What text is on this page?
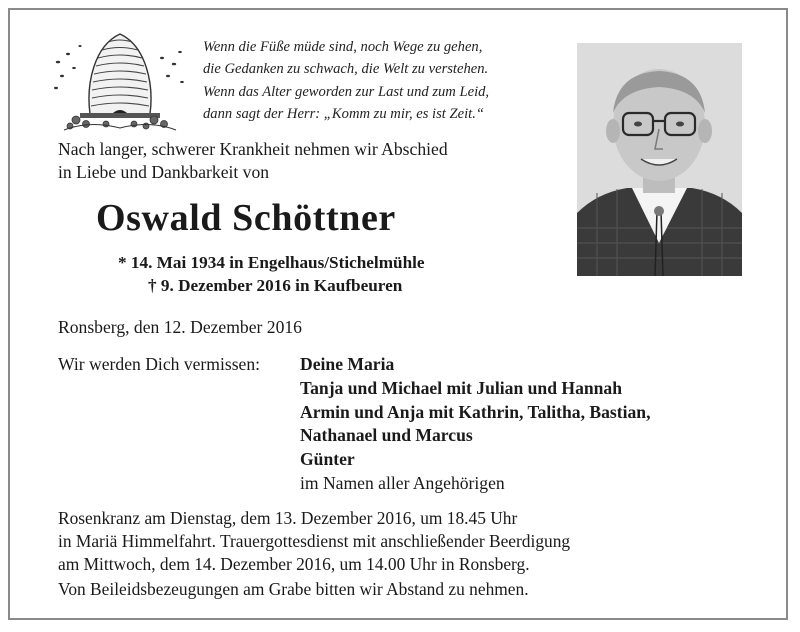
Wenn die Füße müde sind, noch Wege zu gehen,
die Gedanken zu schwach, die Welt zu verstehen.
Wenn das Alter geworden zur Last und zum Leid,
dann sagt der Herr: „Komm zu mir, es ist Zeit.“
Nach langer, schwerer Krankheit nehmen wir Abschied
in Liebe und Dankbarkeit von
Oswald Schöttner
* 14. Mai 1934 in Engelhaus/Stichelmühle
† 9. Dezember 2016 in Kaufbeuren
Ronsberg, den 12. Dezember 2016
Wir werden Dich vermissen: Deine Maria
Tanja und Michael mit Julian und Hannah
Armin und Anja mit Kathrin, Talitha, Bastian,
Nathanael und Marcus
Günter
im Namen aller Angehörigen
Rosenkranz am Dienstag, dem 13. Dezember 2016, um 18.45 Uhr
in Mariä Himmelfahrt. Trauergottesdienst mit anschließender Beerdigung
am Mittwoch, dem 14. Dezember 2016, um 14.00 Uhr in Ronsberg.
Von Beileidsbezeugungen am Grabe bitten wir Abstand zu nehmen.
